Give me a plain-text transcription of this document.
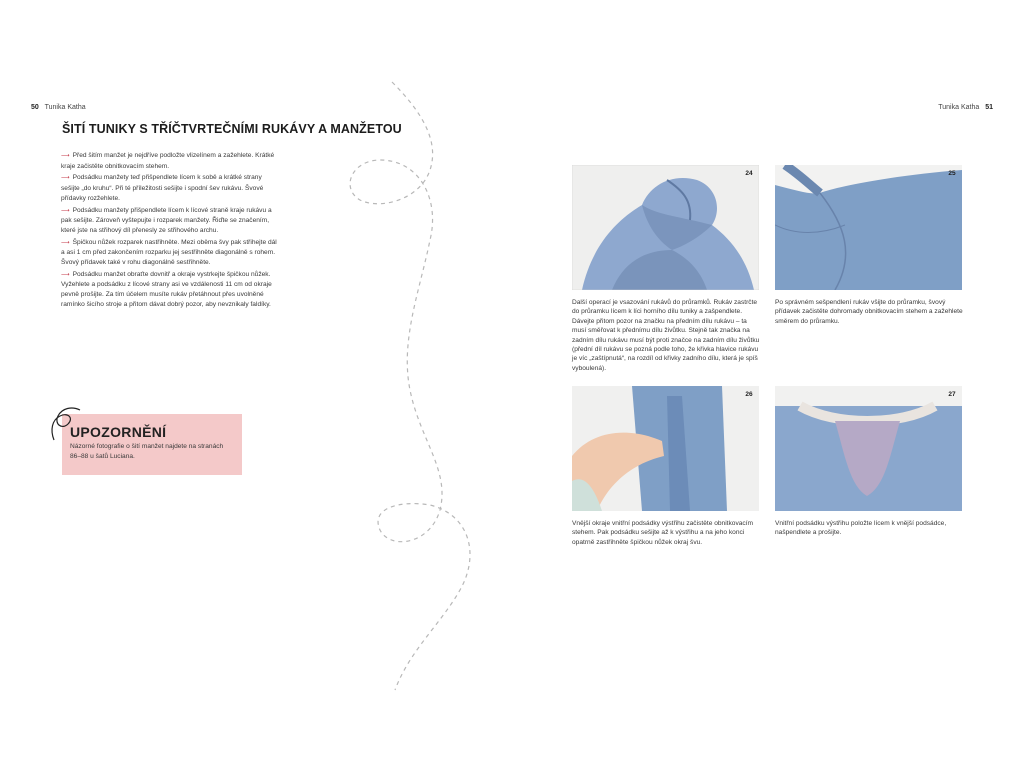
50 Tunika Katha
ŠITÍ TUNIKY S TŘÍČTVRTEČNÍMI RUKÁVY A MANŽETOU
⟶ Před šitím manžet je nejdříve podložte vlizelínem a zažehlete. Krátké kraje začistěte obnitkovacím stehem.
⟶ Podsádku manžety teď přišpendlete lícem k sobě a krátké strany sešijte „do kruhu“. Při té příležitosti sešijte i spodní šev rukávu. Švové přídavky rozžehlete.
⟶ Podsádku manžety přišpendlete lícem k lícové straně kraje rukávu a pak sešijte. Zároveň vyštepujte i rozparek manžety. Řiďte se značením, které jste na střihový díl přenesly ze střihového archu.
⟶ Špičkou nůžek rozparek nastřihněte. Mezi oběma švy pak střihejte dál a asi 1 cm před zakončením rozparku jej sestřihněte diagonálně s rohem. Švový přídavek také v rohu diagonálně sestřihněte.
⟶ Podsádku manžet obraťte dovnitř a okraje vystrkejte špičkou nůžek. Vyžehlete a podsádku z lícové strany asi ve vzdálenosti 11 cm od okraje pevně prošijte. Za tím účelem musíte rukáv přetáhnout přes uvolněné ramínko šicího stroje a přitom dávat dobrý pozor, aby nevznikaly faldíky.
UPOZORNĚNÍ
Názorné fotografie o šití manžet najdete na stranách 86–88 u šatů Luciana.
Tunika Katha 51
24	25
Další operací je vsazování rukávů do průramků. Rukáv zastrčte do průramku lícem k líci horního dílu tuniky a zašpendlete. Dávejte přitom pozor na značku na předním dílu rukávu – ta musí směřovat k přednímu dílu živůtku. Stejně tak značka na zadním dílu rukávu musí být proti značce na zadním dílu živůtku (přední díl rukávu se pozná podle toho, že křivka hlavice rukávu je víc „zaštípnutá“, na rozdíl od křivky zadního dílu, která je spíš vyboulená).
Po správném sešpendlení rukáv všijte do průramku, švový přídavek začistěte dohromady obnitkovacím stehem a zažehlete směrem do průramku.
26	27
Vnější okraje vnitřní podsádky výstřihu začistěte obnitkovacím stehem. Pak podsádku sešijte až k výstřihu a na jeho konci opatrně zastřihněte špičkou nůžek okraj švu.
Vnitřní podsádku výstřihu položte lícem k vnější podsádce, našpendlete a prošijte.
